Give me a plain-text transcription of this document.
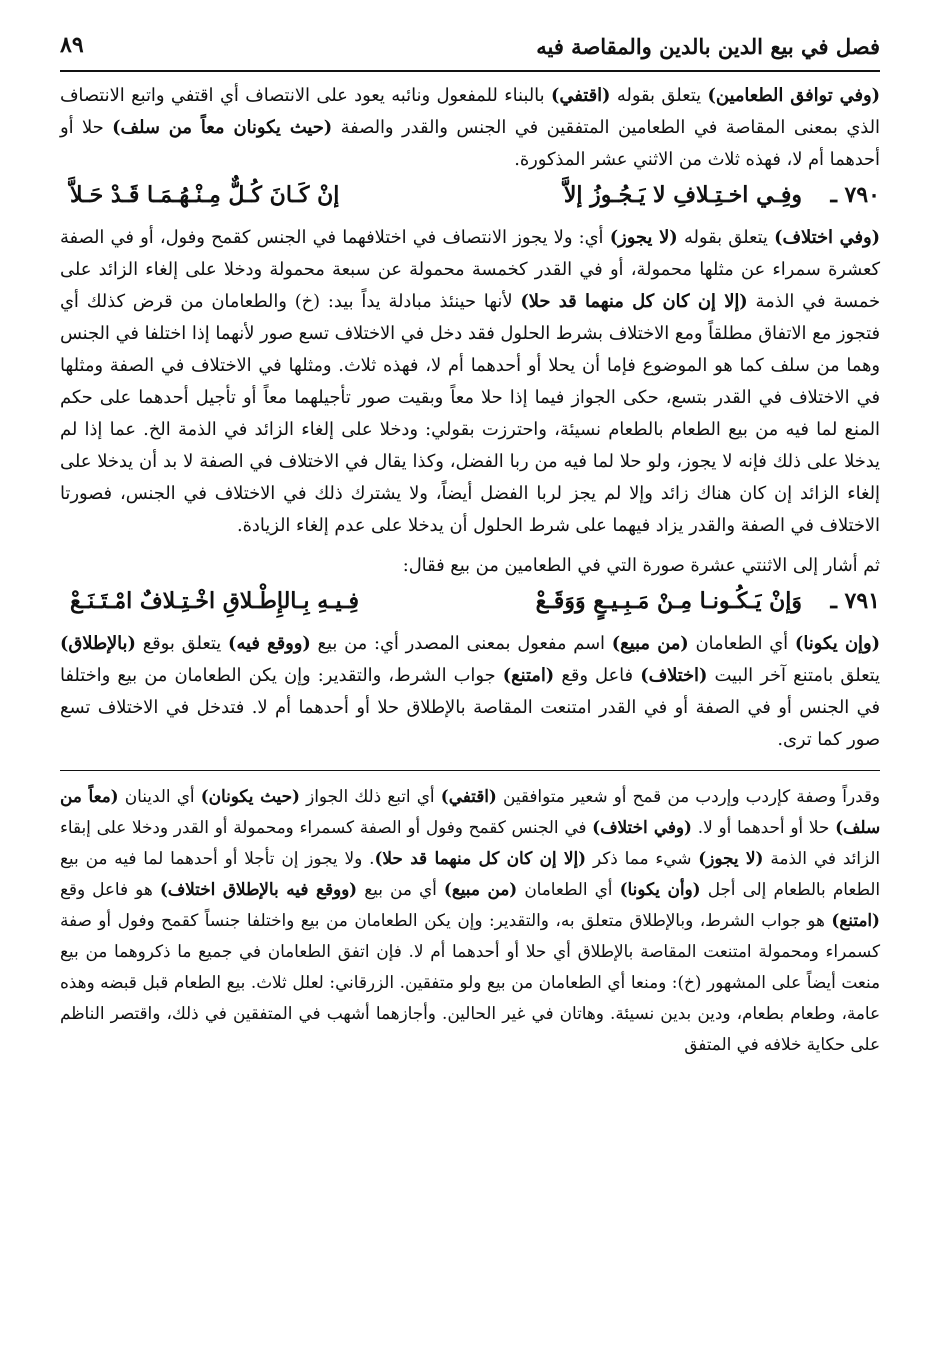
فصل في بيع الدين بالدين والمقاصة فيه
٨٩

(وفي توافق الطعامين) يتعلق بقوله (اقتفي) بالبناء للمفعول ونائبه يعود على الانتصاف أي اقتفي واتبع الانتصاف الذي بمعنى المقاصة في الطعامين المتفقين في الجنس والقدر والصفة (حيث يكونان معاً من سلف) حلا أو أحدهما أم لا، فهذه ثلاث من الاثني عشر المذكورة.

٧٩٠ ـ
وفِـي اخـتِـلافِ لا يَـجُـوزُ إلاَّ
إنْ كَـانَ كُـلٌّ مِـنْـهُـمَـا قَـدْ حَـلاَّ

(وفي اختلاف) يتعلق بقوله (لا يجوز) أي: ولا يجوز الانتصاف في اختلافهما في الجنس كقمح وفول، أو في الصفة كعشرة سمراء عن مثلها محمولة، أو في القدر كخمسة محمولة عن سبعة محمولة ودخلا على إلغاء الزائد على خمسة في الذمة (إلا إن كان كل منهما قد حلا) لأنها حينئذ مبادلة يداً بيد: (خ) والطعامان من قرض كذلك أي فتجوز مع الاتفاق مطلقاً ومع الاختلاف بشرط الحلول فقد دخل في الاختلاف تسع صور لأنهما إذا اختلفا في الجنس وهما من سلف كما هو الموضوع فإما أن يحلا أو أحدهما أم لا، فهذه ثلاث. ومثلها في الاختلاف في الصفة ومثلها في الاختلاف في القدر بتسع، حكى الجواز فيما إذا حلا معاً وبقيت صور تأجيلهما معاً أو تأجيل أحدهما على حكم المنع لما فيه من بيع الطعام بالطعام نسيئة، واحترزت بقولي: ودخلا على إلغاء الزائد في الذمة الخ. عما إذا لم يدخلا على ذلك فإنه لا يجوز، ولو حلا لما فيه من ربا الفضل، وكذا يقال في الاختلاف في الصفة لا بد أن يدخلا على إلغاء الزائد إن كان هناك زائد وإلا لم يجز لربا الفضل أيضاً، ولا يشترك ذلك في الاختلاف في الجنس، فصورتا الاختلاف في الصفة والقدر يزاد فيهما على شرط الحلول أن يدخلا على عدم إلغاء الزيادة.

ثم أشار إلى الاثنتي عشرة صورة التي في الطعامين من بيع فقال:

٧٩١ ـ
وَإنْ يَـكُـونـا مِـنْ مَـبِـيـعٍ وَوَقَـعْ
فِـيـهِ بِـالإِطْـلاقِ اخْـتِـلافٌ امْـتَـنَـعْ

(وإن يكونا) أي الطعامان (من مبيع) اسم مفعول بمعنى المصدر أي: من بيع (ووقع فيه) يتعلق بوقع (بالإطلاق) يتعلق بامتنع آخر البيت (اختلاف) فاعل وقع (امتنع) جواب الشرط، والتقدير: وإن يكن الطعامان من بيع واختلفا في الجنس أو في الصفة أو في القدر امتنعت المقاصة بالإطلاق حلا أو أحدهما أم لا. فتدخل في الاختلاف تسع صور كما ترى.

وقدراً وصفة كإردب وإردب من قمح أو شعير متوافقين (اقتفي) أي اتبع ذلك الجواز (حيث يكونان) أي الدينان (معاً من سلف) حلا أو أحدهما أو لا. (وفي اختلاف) في الجنس كقمح وفول أو الصفة كسمراء ومحمولة أو القدر ودخلا على إبقاء الزائد في الذمة (لا يجوز) شيء مما ذكر (إلا إن كان كل منهما قد حلا). ولا يجوز إن تأجلا أو أحدهما لما فيه من بيع الطعام بالطعام إلى أجل (وأن يكونا) أي الطعامان (من مبيع) أي من بيع (ووقع فيه بالإطلاق اختلاف) هو فاعل وقع (امتنع) هو جواب الشرط، وبالإطلاق متعلق به، والتقدير: وإن يكن الطعامان من بيع واختلفا جنساً كقمح وفول أو صفة كسمراء ومحمولة امتنعت المقاصة بالإطلاق أي حلا أو أحدهما أم لا. فإن اتفق الطعامان في جميع ما ذكروهما من بيع منعت أيضاً على المشهور (خ): ومنعا أي الطعامان من بيع ولو متفقين. الزرقاني: لعلل ثلاث. بيع الطعام قبل قبضه وهذه عامة، وطعام بطعام، ودين بدين نسيئة. وهاتان في غير الحالين. وأجازهما أشهب في المتفقين في ذلك، واقتصر الناظم على حكاية خلافه في المتفق
